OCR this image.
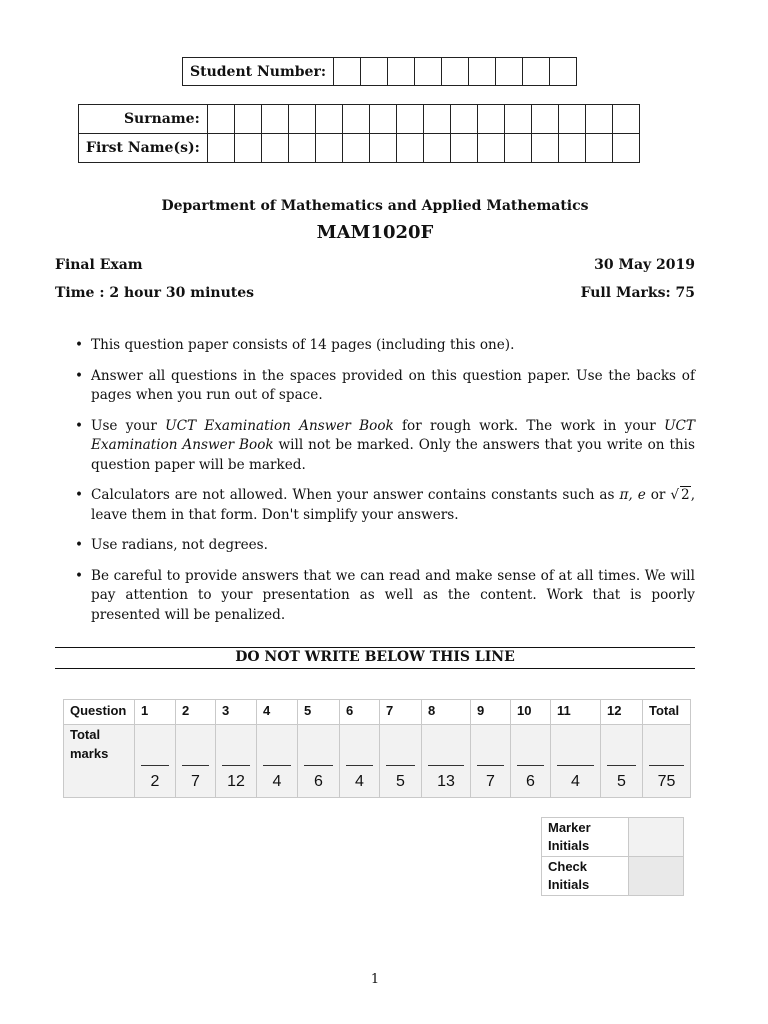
Student Number:									
Surname:																
First Name(s):																
Department of Mathematics and Applied Mathematics
MAM1020F
Final Exam	30 May 2019
Time : 2 hour 30 minutes	Full Marks: 75
• This question paper consists of 14 pages (including this one).
• Answer all questions in the spaces provided on this question paper. Use the backs of pages when you run out of space.
• Use your UCT Examination Answer Book for rough work. The work in your UCT Examination Answer Book will not be marked. Only the answers that you write on this question paper will be marked.
• Calculators are not allowed. When your answer contains constants such as π, e or √ 2, leave them in that form. Don't simplify your answers.
• Use radians, not degrees.
• Be careful to provide answers that we can read and make sense of at all times. We will pay attention to your presentation as well as the content. Work that is poorly presented will be penalized.
DO NOT WRITE BELOW THIS LINE
Question	1	2	3	4	5	6	7	8	9	10	11	12	Total
Total
marks	2	7	12	4	6	4	5	13	7	6	4	5	75
Marker
Initials	
Check
Initials	
1
